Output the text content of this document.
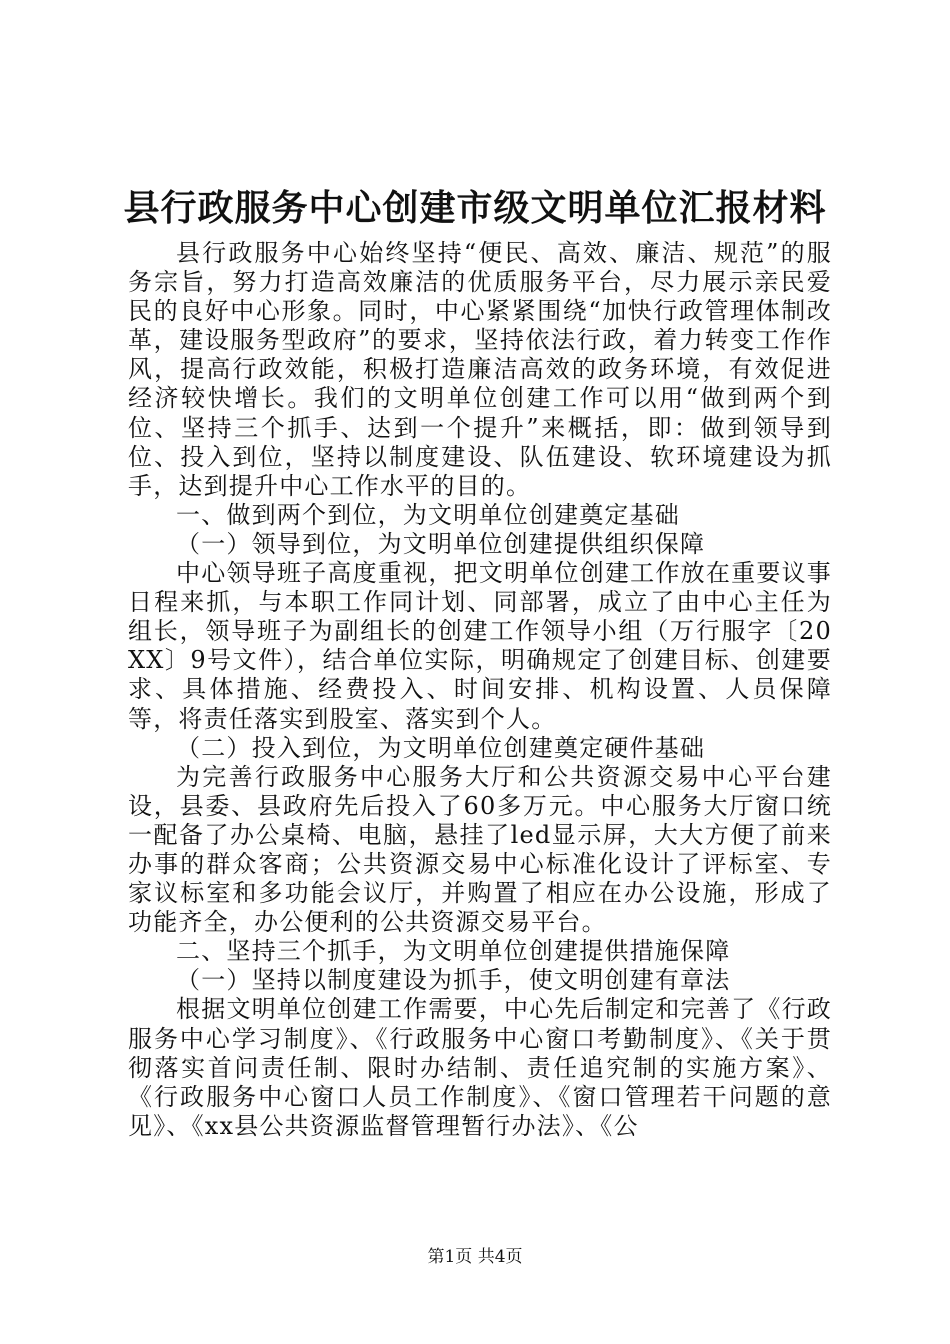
县行政服务中心创建市级文明单位汇报材料

县行政服务中心始终坚持“便民、高效、廉洁、规范”的服务宗旨，努力打造高效廉洁的优质服务平台，尽力展示亲民爱民的良好中心形象。同时，中心紧紧围绕“加快行政管理体制改革，建设服务型政府”的要求，坚持依法行政，着力转变工作作风，提高行政效能，积极打造廉洁高效的政务环境，有效促进经济较快增长。我们的文明单位创建工作可以用“做到两个到位、坚持三个抓手、达到一个提升”来概括，即：做到领导到位、投入到位，坚持以制度建设、队伍建设、软环境建设为抓手，达到提升中心工作水平的目的。

一、做到两个到位，为文明单位创建奠定基础

（一）领导到位，为文明单位创建提供组织保障

中心领导班子高度重视，把文明单位创建工作放在重要议事日程来抓，与本职工作同计划、同部署，成立了由中心主任为组长，领导班子为副组长的创建工作领导小组（万行服字〔20XX〕9号文件），结合单位实际，明确规定了创建目标、创建要求、具体措施、经费投入、时间安排、机构设置、人员保障等，将责任落实到股室、落实到个人。

（二）投入到位，为文明单位创建奠定硬件基础

为完善行政服务中心服务大厅和公共资源交易中心平台建设，县委、县政府先后投入了60多万元。中心服务大厅窗口统一配备了办公桌椅、电脑，悬挂了led显示屏，大大方便了前来办事的群众客商；公共资源交易中心标准化设计了评标室、专家议标室和多功能会议厅，并购置了相应在办公设施，形成了功能齐全，办公便利的公共资源交易平台。

二、坚持三个抓手，为文明单位创建提供措施保障

（一）坚持以制度建设为抓手，使文明创建有章法

根据文明单位创建工作需要，中心先后制定和完善了《行政服务中心学习制度》、《行政服务中心窗口考勤制度》、《关于贯彻落实首问责任制、限时办结制、责任追究制的实施方案》、《行政服务中心窗口人员工作制度》、《窗口管理若干问题的意见》、《xx县公共资源监督管理暂行办法》、《公

第1页 共4页
